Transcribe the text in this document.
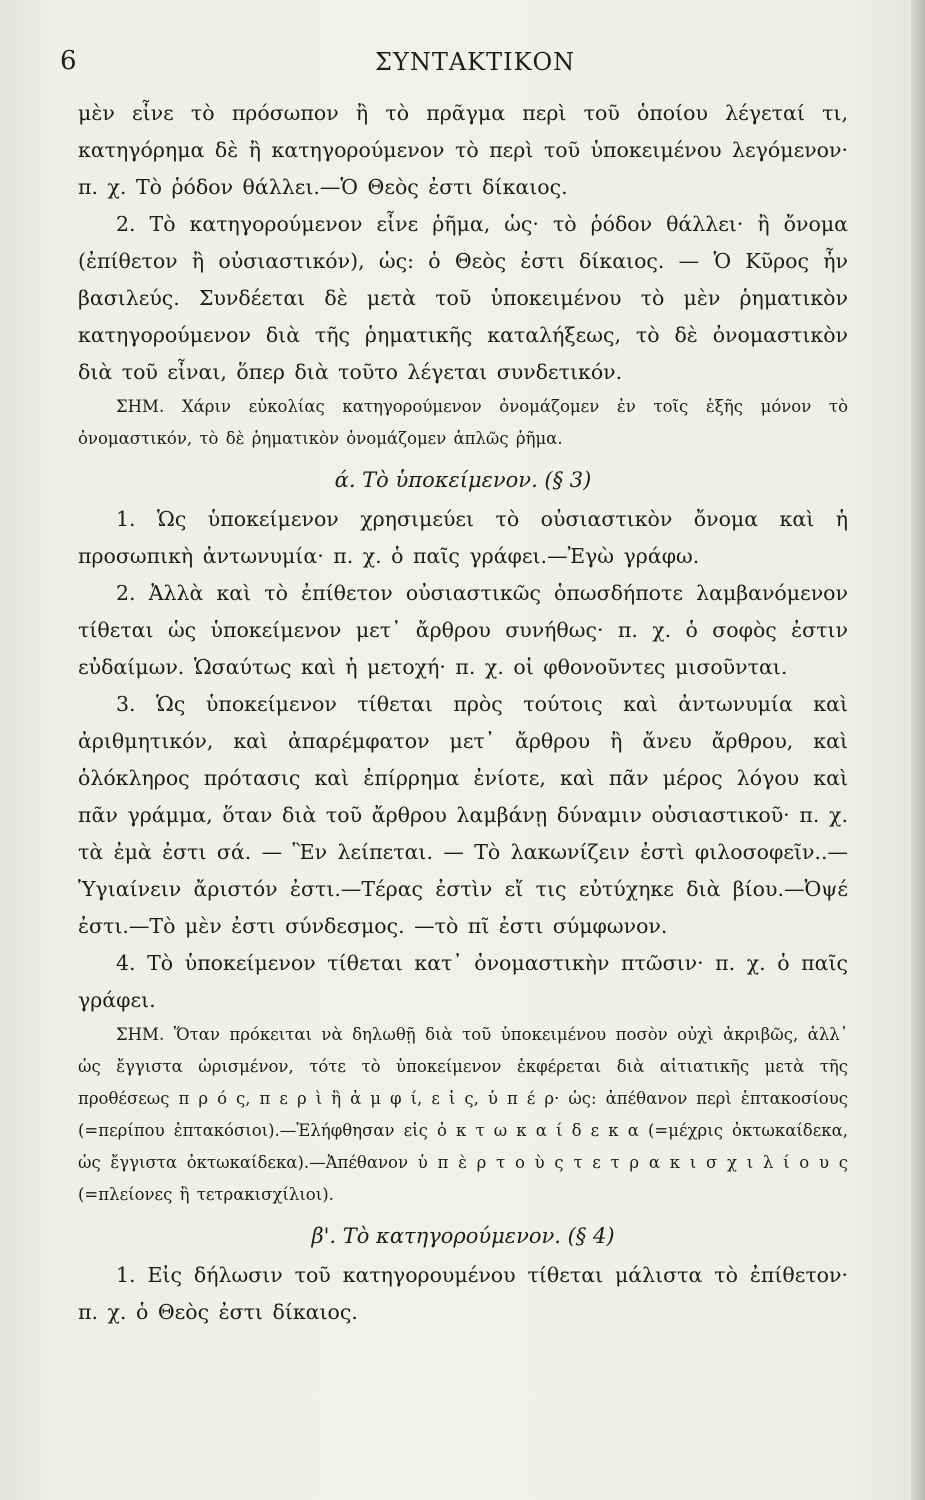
6	ΣΥΝΤΑΚΤΙΚΟΝ

μὲν εἶνε τὸ πρόσωπον ἢ τὸ πρᾶγμα περὶ τοῦ ὁποίου λέγεταί τι, κατηγόρημα δὲ ἢ κατηγορούμενον τὸ περὶ τοῦ ὑποκειμένου λεγόμενον· π. χ. Τὸ ῥόδον θάλλει.—Ὁ Θεὸς ἐστι δίκαιος.

2. Τὸ κατηγορούμενον εἶνε ῥῆμα, ὡς· τὸ ῥόδον θάλλει· ἢ ὄνομα (ἐπίθετον ἢ οὐσιαστικόν), ὡς: ὁ Θεὸς ἐστι δίκαιος. — Ὁ Κῦρος ἦν βασιλεύς. Συνδέεται δὲ μετὰ τοῦ ὑποκειμένου τὸ μὲν ῥηματικὸν κατηγορούμενον διὰ τῆς ῥηματικῆς καταλήξεως, τὸ δὲ ὀνομαστικὸν διὰ τοῦ εἶναι, ὅπερ διὰ τοῦτο λέγεται συνδετικόν.

ΣΗΜ. Χάριν εὐκολίας κατηγορούμενον ὀνομάζομεν ἐν τοῖς ἑξῆς μόνον τὸ ὀνομαστικόν, τὸ δὲ ῥηματικὸν ὀνομάζομεν ἁπλῶς ῥῆμα.

ά. Τὸ ὑποκείμενον. (§ 3)

1. Ὡς ὑποκείμενον χρησιμεύει τὸ οὐσιαστικὸν ὄνομα καὶ ἡ προσωπικὴ ἀντωνυμία· π. χ. ὁ παῖς γράφει.—Ἐγὼ γράφω.

2. Ἀλλὰ καὶ τὸ ἐπίθετον οὐσιαστικῶς ὁπωσδήποτε λαμβανόμενον τίθεται ὡς ὑποκείμενον μετ᾽ ἄρθρου συνήθως· π. χ. ὁ σοφὸς ἐστιν εὐδαίμων. Ὡσαύτως καὶ ἡ μετοχή· π. χ. οἱ φθονοῦντες μισοῦνται.

3. Ὡς ὑποκείμενον τίθεται πρὸς τούτοις καὶ ἀντωνυμία καὶ ἀριθμητικόν, καὶ ἀπαρέμφατον μετ᾽ ἄρθρου ἢ ἄνευ ἄρθρου, καὶ ὁλόκληρος πρότασις καὶ ἐπίρρημα ἐνίοτε, καὶ πᾶν μέρος λόγου καὶ πᾶν γράμμα, ὅταν διὰ τοῦ ἄρθρου λαμβάνῃ δύναμιν οὐσιαστικοῦ· π. χ. τὰ ἐμὰ ἐστι σά. — Ἓν λείπεται. — Τὸ λακωνίζειν ἐστὶ φιλοσοφεῖν..—Ὑγιαίνειν ἄριστόν ἐστι.—Τέρας ἐστὶν εἴ τις εὐτύχηκε διὰ βίου.—Ὀψέ ἐστι.—Τὸ μὲν ἐστι σύνδεσμος. —τὸ πῖ ἐστι σύμφωνον.

4. Τὸ ὑποκείμενον τίθεται κατ᾽ ὀνομαστικὴν πτῶσιν· π. χ. ὁ παῖς γράφει.

ΣΗΜ. Ὅταν πρόκειται νὰ δηλωθῇ διὰ τοῦ ὑποκειμένου ποσὸν οὐχὶ ἀκριβῶς, ἀλλ᾽ ὡς ἔγγιστα ὡρισμένον, τότε τὸ ὑποκείμενον ἐκφέρεται διὰ αἰτιατικῆς μετὰ τῆς προθέσεως π ρ ό ς, π ε ρ ὶ ἢ ἀ μ φ ί, ε ἰ ς, ὑ π έ ρ· ὡς: ἀπέθανον περὶ ἑπτακοσίους (=περίπου ἑπτακόσιοι).—Ἐλήφθησαν εἰς ὀ κ τ ω κ α ί δ ε κ α (=μέχρις ὀκτωκαίδεκα, ὡς ἔγγιστα ὀκτωκαίδεκα).—Ἀπέθανον ὑ π ὲ ρ τ ο ὺ ς τ ε τ ρ α κ ι σ χ ι λ ί ο υ ς (=πλείονες ἢ τετρακισχίλιοι).

β'. Τὸ κατηγορούμενον. (§ 4)

1. Εἰς δήλωσιν τοῦ κατηγορουμένου τίθεται μάλιστα τὸ ἐπίθετον· π. χ. ὁ Θεὸς ἐστι δίκαιος.
